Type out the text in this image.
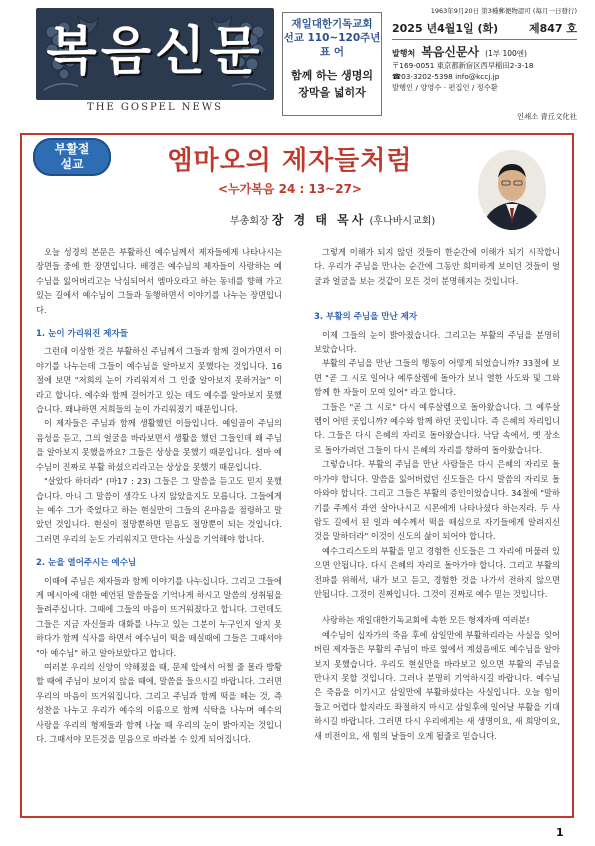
복음신문
THE GOSPEL NEWS
재일대한기독교회
선교 110~120주년
표 어
함께 하는 생명의
장막을 넓히자
1963年9月20日 第3種郵便物認可 (毎月一日發行)
2025 년4월1일 (화)	제847 호
발행처 복음신문사 (1부 100엔)
〒169-0051 東京都新宿区西早稲田2-3-18
☎03-3202-5398 info@kccj.jp
발행인 / 양영수 · 편집인 / 정수환
인쇄소 青丘文化社
부활절
설교	엠마오의 제자들처럼
<누가복음 24 : 13~27>
부총회장 장 경 태 목사 (후나바시교회)

오늘 성경의 본문은 부활하신 예수님께서 제자들에게 나타나시는 장면들 중에 한 장면입니다. 배경은 예수님의 제자들이 사랑하는 예수님을 잃어버리고는 낙심되어서 엠마오라고 하는 동네를 향해 가고 있는 길에서 예수님이 그들과 동행하면서 이야기를 나누는 장면입니다.

1. 눈이 가리워진 제자들

그런데 이상한 것은 부활하신 주님께서 그들과 함께 걸어가면서 이야기를 나누는데 그들이 예수님을 알아보지 못했다는 것입니다. 16절에 보면 "저희의 눈이 가리워져서 그 인줄 알아보지 못하거늘" 이라고 합니다. 예수와 함께 걸어가고 있는 데도 예수를 알아보지 못했습니다. 왜냐하면 저희들의 눈이 가리워졌기 때문입니다.

이 제자들은 주님과 함께 생활했던 이들입니다. 예일곱이 주님의 음성을 듣고, 그의 얼굴을 바라보면서 생활을 했던 그들인데 왜 주님을 알아보지 못했을까요? 그들은 상상을 못했기 때문입니다. 설마 예수님이 진짜로 부활 하셨으리라고는 상상을 못했기 때문입니다.

"살았다 하더라" (마17 : 23) 그들은 그 말씀을 듣고도 믿지 못했습니다. 아니 그 말씀이 생각도 나지 않았을지도 모릅니다. 그들에게는 예수 그가 죽었다고 하는 현실만이 그들의 온마음을 점령하고 말았던 것입니다. 현실이 절망뿐하면 믿음도 절망뿐이 되는 것입니다. 그러면 우리의 눈도 가리워지고 만다는 사실을 기억해야 합니다.

2. 눈을 열어주시는 예수님

이때에 주님은 제자들과 함께 이야기를 나누십니다. 그리고 그들에게 메시아에 대한 예언된 말씀들을 기억나게 하시고 말씀의 성취됨을 들려주십니다. 그때에 그들의 마음이 뜨거워졌다고 합니다. 그런데도 그들은 지금 자신들과 대화를 나누고 있는 그분이 누구인지 알지 못하다가 함께 식사를 하면서 예수님이 떡을 떼실때에 그들은 그때서야 "아 예수님" 하고 알아보았다고 합니다.

여러분 우리의 신앙이 약해졌을 때, 문제 앞에서 어쩔 줄 몰라 방황할 때에 주님이 보이지 않을 때에, 말씀을 들으시길 바랍니다. 그러면 우리의 마음이 뜨거워집니다. 그리고 주님과 함께 떡을 떼는 것, 즉 성찬을 나누고 우리가 예수의 이름으로 함께 식탁을 나누며 예수의 사랑을 우리의 형제들과 함께 나눌 때 우리의 눈이 밝아지는 것입니다. 그때서야 모든것을 믿음으로 바라볼 수 있게 되어집니다.

그렇게 이해가 되지 않던 것들이 한순간에 이해가 되기 시작합니다. 우리가 주님을 만나는 순간에 그동안 희미하게 보이던 것들이 얼굴과 얼굴을 보는 것같이 모든 것이 분명해지는 것입니다.

3. 부활의 주님을 만난 제자

이제 그들의 눈이 밝아졌습니다. 그리고는 부활의 주님을 분명히 보았습니다.

부활의 주님을 만난 그들의 행동이 어떻게 되었습니까? 33절에 보면 "곧 그 시로 일어나 예루살렘에 돌아가 보니 열한 사도와 및 그와 함께 한 자들이 모여 있어" 라고 합니다.

그들은 "곧 그 시로" 다시 예루살렘으로 돌아왔습니다. 그 예루살렘이 어떤 곳입니까? 예수와 함께 하던 곳입니다. 즉 은혜의 자리입니다. 그들은 다시 은혜의 자리로 돌아왔습니다. 낙담 속에서, 옛 장소로 돌아가려던 그들이 다시 은혜의 자리를 향하여 돌아왔습니다.

그렇습니다. 부활의 주님을 만난 사람들은 다시 은혜의 자리로 돌아가야 합니다. 말씀을 잃어버렸던 신도들은 다시 말씀의 자리로 돌아와야 합니다. 그리고 그들은 부활의 증인이었습니다. 34절에 "말하기를 주께서 과연 살아나시고 시몬에게 나타나셨다 하는지라. 두 사람도 길에서 된 일과 예수께서 떡을 떼심으로 자기들에게 알려지신 것을 말하더라" 이것이 신도의 삶이 되어야 합니다.

예수그리스도의 부활을 믿고 경험한 신도들은 그 자리에 머물러 있으면 안됩니다. 다시 은혜의 자리로 돌아가야 합니다. 그리고 부활의 전파를 위해서, 내가 보고 듣고, 경험한 것을 나가서 전하지 않으면 안됩니다. 그것이 진짜입니다. 그것이 진짜로 예수 믿는 것입니다.

사랑하는 재일대한기독교회에 속한 모든 형제자매 여러분!

예수님이 십자가의 죽음 후에 삼일만에 부활하리라는 사실을 잊어버린 제자들은 부활의 주님이 바로 옆에서 계셨음에도 예수님을 알아보지 못했습니다. 우리도 현실만을 바라보고 있으면 부활의 주님을 만나지 못할 것입니다. 그러나 분명히 기억하시길 바랍니다. 예수님은 죽음을 이기시고 삼일만에 부활하셨다는 사실입니다. 오늘 힘이 들고 어렵다 할지라도 좌절하지 마시고 삼일후에 일어날 부활을 기대하시길 바랍니다. 그러면 다시 우리에게는 새 생명이요, 새 희망이요, 새 비전이요, 새 힘의 날들이 오게 될줄로 믿습니다.

1
